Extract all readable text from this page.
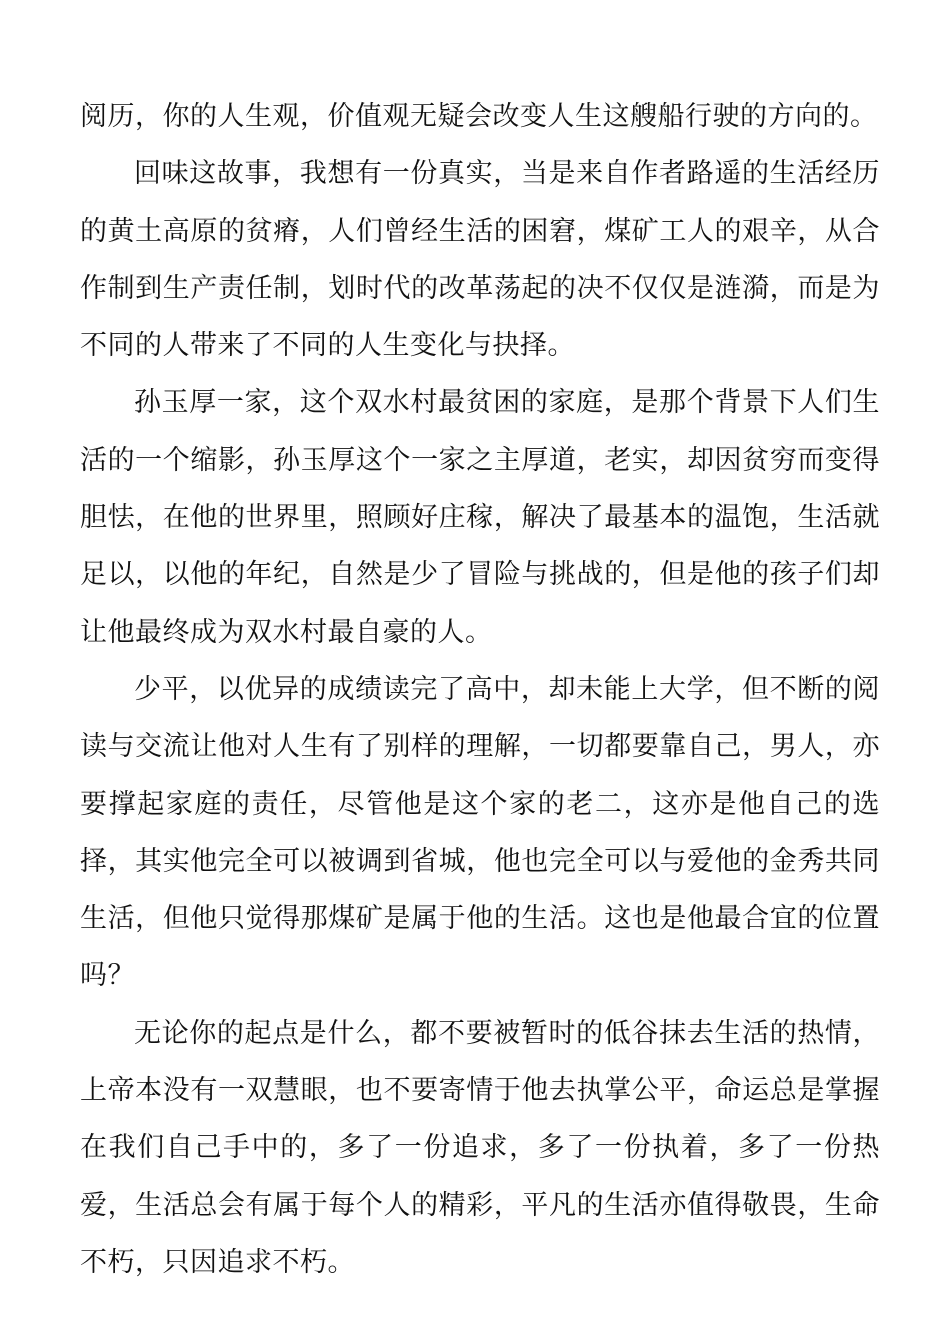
阅历，你的人生观，价值观无疑会改变人生这艘船行驶的方向的。

回味这故事，我想有一份真实，当是来自作者路遥的生活经历的黄土高原的贫瘠，人们曾经生活的困窘，煤矿工人的艰辛，从合作制到生产责任制，划时代的改革荡起的决不仅仅是涟漪，而是为不同的人带来了不同的人生变化与抉择。

孙玉厚一家，这个双水村最贫困的家庭，是那个背景下人们生活的一个缩影，孙玉厚这个一家之主厚道，老实，却因贫穷而变得胆怯，在他的世界里，照顾好庄稼，解决了最基本的温饱，生活就足以，以他的年纪，自然是少了冒险与挑战的，但是他的孩子们却让他最终成为双水村最自豪的人。

少平，以优异的成绩读完了高中，却未能上大学，但不断的阅读与交流让他对人生有了别样的理解，一切都要靠自己，男人，亦要撑起家庭的责任，尽管他是这个家的老二，这亦是他自己的选择，其实他完全可以被调到省城，他也完全可以与爱他的金秀共同生活，但他只觉得那煤矿是属于他的生活。这也是他最合宜的位置吗？

无论你的起点是什么，都不要被暂时的低谷抹去生活的热情，上帝本没有一双慧眼，也不要寄情于他去执掌公平，命运总是掌握在我们自己手中的，多了一份追求，多了一份执着，多了一份热爱，生活总会有属于每个人的精彩，平凡的生活亦值得敬畏，生命不朽，只因追求不朽。
